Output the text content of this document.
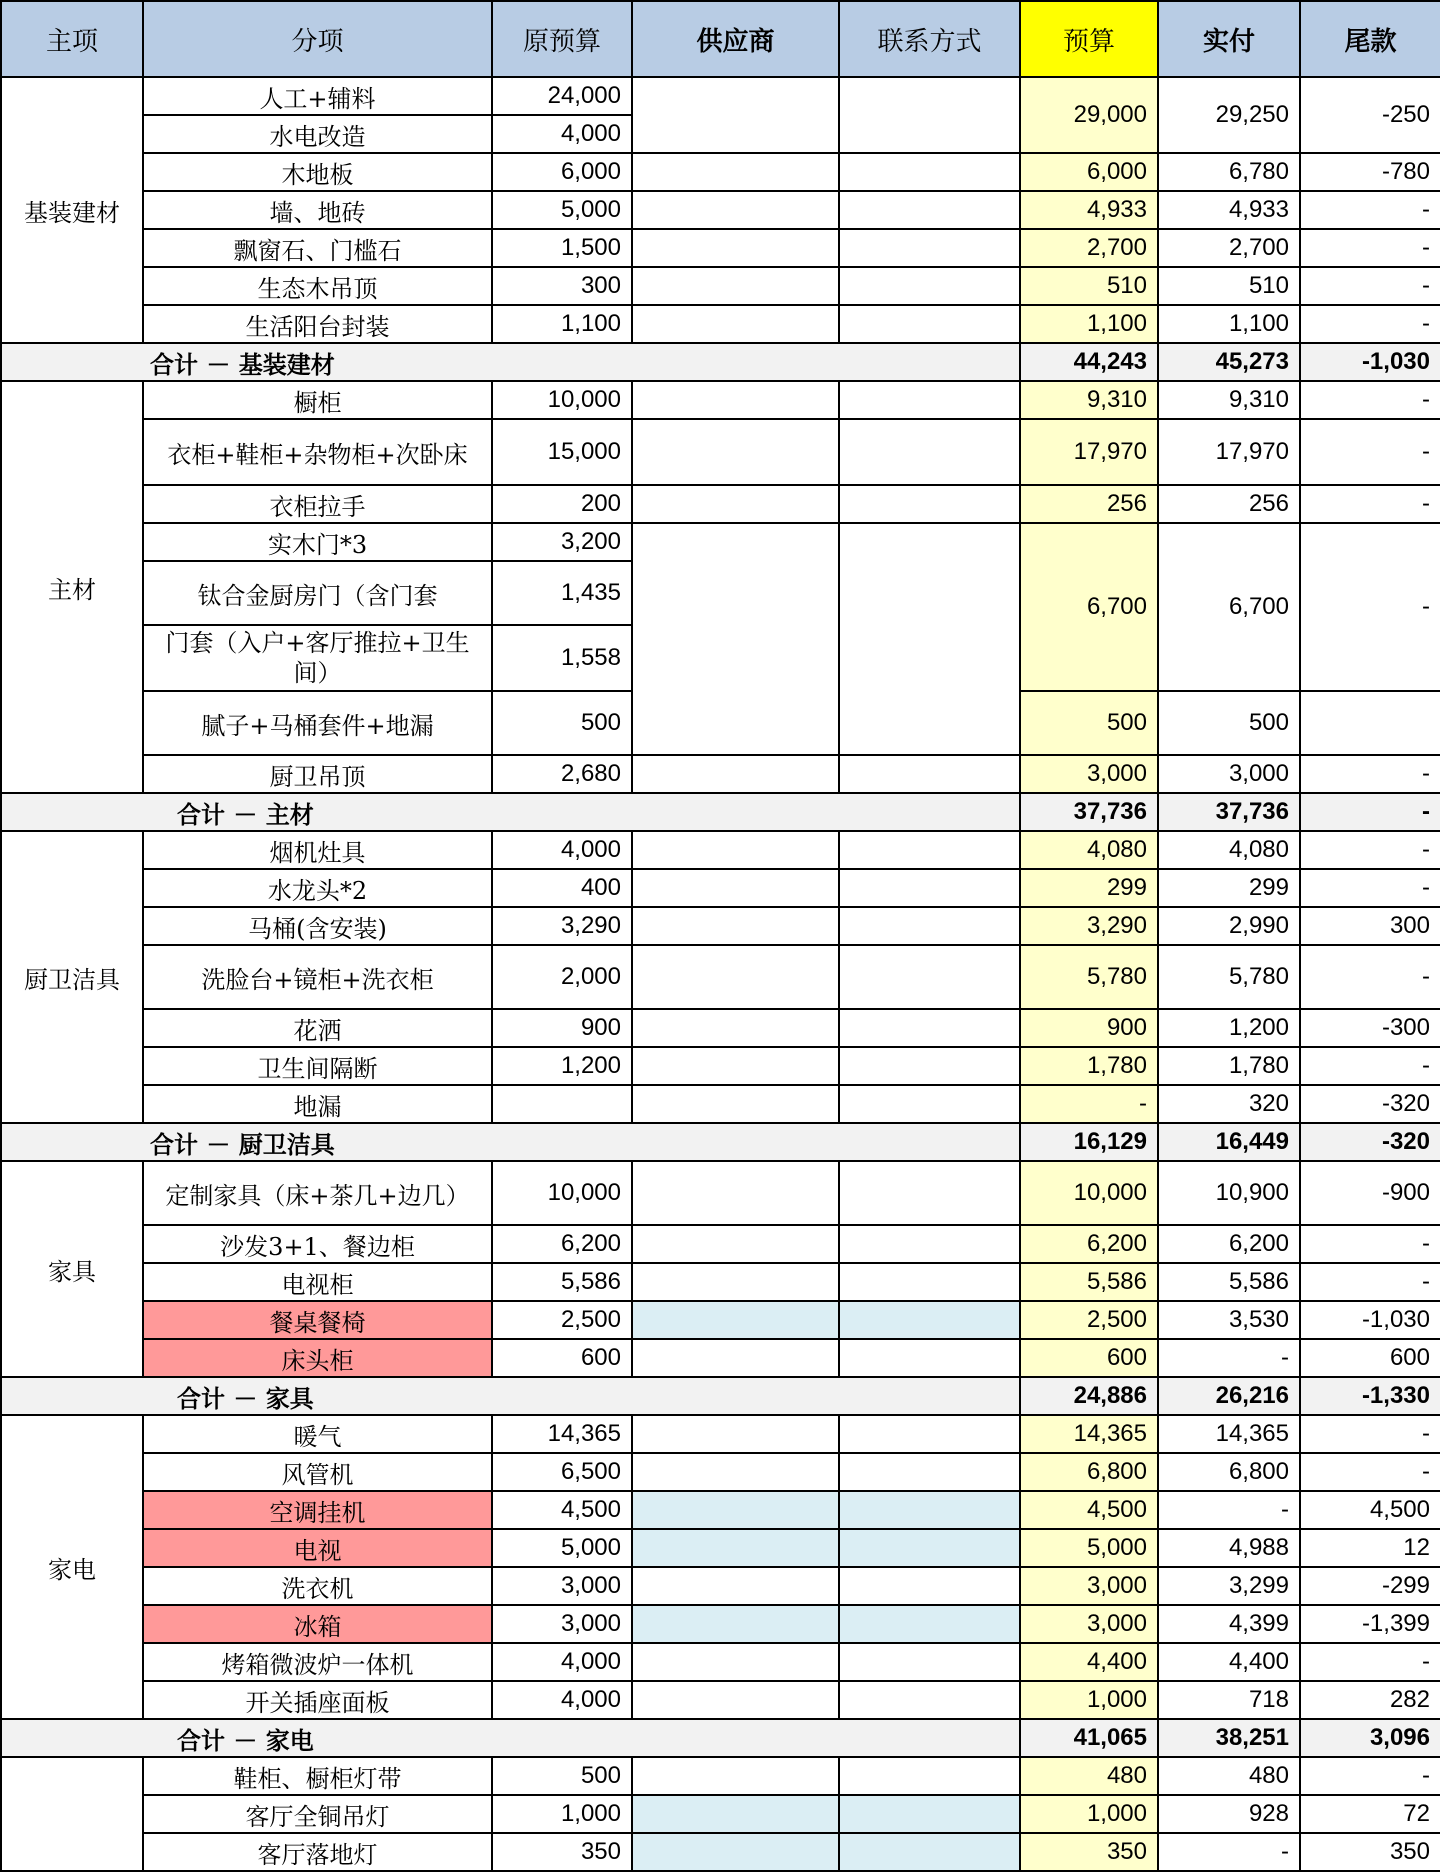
主项	分项	原预算	供应商	联系方式	预算	实付	尾款
基装建材	人工+辅料	24,000			29,000	29,250	-250
	水电改造	4,000					
	木地板	6,000			6,000	6,780	-780
	墙、地砖	5,000			4,933	4,933	-
	飘窗石、门槛石	1,500			2,700	2,700	-
	生态木吊顶	300			510	510	-
	生活阳台封装	1,100			1,100	1,100	-
合计 － 基装建材					44,243	45,273	-1,030
主材	橱柜	10,000			9,310	9,310	-
	衣柜+鞋柜+杂物柜+次卧床	15,000			17,970	17,970	-
	衣柜拉手	200			256	256	-
	实木门*3	3,200			6,700	6,700	-
	钛合金厨房门（含门套	1,435					
	门套（入户+客厅推拉+卫生间）	1,558					
	腻子+马桶套件+地漏	500			500	500	
	厨卫吊顶	2,680			3,000	3,000	-
合计 － 主材					37,736	37,736	-
厨卫洁具	烟机灶具	4,000			4,080	4,080	-
	水龙头*2	400			299	299	-
	马桶(含安装)	3,290			3,290	2,990	300
	洗脸台+镜柜+洗衣柜	2,000			5,780	5,780	-
	花洒	900			900	1,200	-300
	卫生间隔断	1,200			1,780	1,780	-
	地漏				-	320	-320
合计 － 厨卫洁具					16,129	16,449	-320
家具	定制家具（床+茶几+边几）	10,000			10,000	10,900	-900
	沙发3+1、餐边柜	6,200			6,200	6,200	-
	电视柜	5,586			5,586	5,586	-
	餐桌餐椅	2,500			2,500	3,530	-1,030
	床头柜	600			600	-	600
合计 － 家具					24,886	26,216	-1,330
家电	暖气	14,365			14,365	14,365	-
	风管机	6,500			6,800	6,800	-
	空调挂机	4,500			4,500	-	4,500
	电视	5,000			5,000	4,988	12
	洗衣机	3,000			3,000	3,299	-299
	冰箱	3,000			3,000	4,399	-1,399
	烤箱微波炉一体机	4,000			4,400	4,400	-
	开关插座面板	4,000			1,000	718	282
合计 － 家电					41,065	38,251	3,096
	鞋柜、橱柜灯带	500			480	480	-
	客厅全铜吊灯	1,000			1,000	928	72
	客厅落地灯	350			350	-	350
